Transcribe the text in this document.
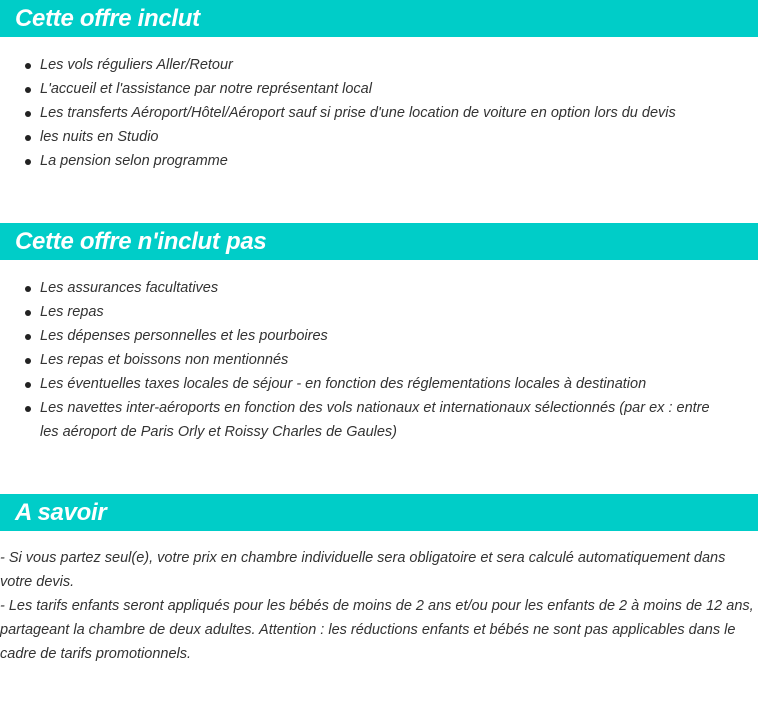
Cette offre inclut
Les vols réguliers Aller/Retour
L'accueil et l'assistance par notre représentant local
Les transferts Aéroport/Hôtel/Aéroport sauf si prise d'une location de voiture en option lors du devis
les nuits en Studio
La pension selon programme
Cette offre n'inclut pas
Les assurances facultatives
Les repas
Les dépenses personnelles et les pourboires
Les repas et boissons non mentionnés
Les éventuelles taxes locales de séjour - en fonction des réglementations locales à destination
Les navettes inter-aéroports en fonction des vols nationaux et internationaux sélectionnés (par ex : entre les aéroport de Paris Orly et Roissy Charles de Gaules)
A savoir
- Si vous partez seul(e), votre prix en chambre individuelle sera obligatoire et sera calculé automatiquement dans votre devis.
- Les tarifs enfants seront appliqués pour les bébés de moins de 2 ans et/ou pour les enfants de 2 à moins de 12 ans, partageant la chambre de deux adultes. Attention : les réductions enfants et bébés ne sont pas applicables dans le cadre de tarifs promotionnels.
